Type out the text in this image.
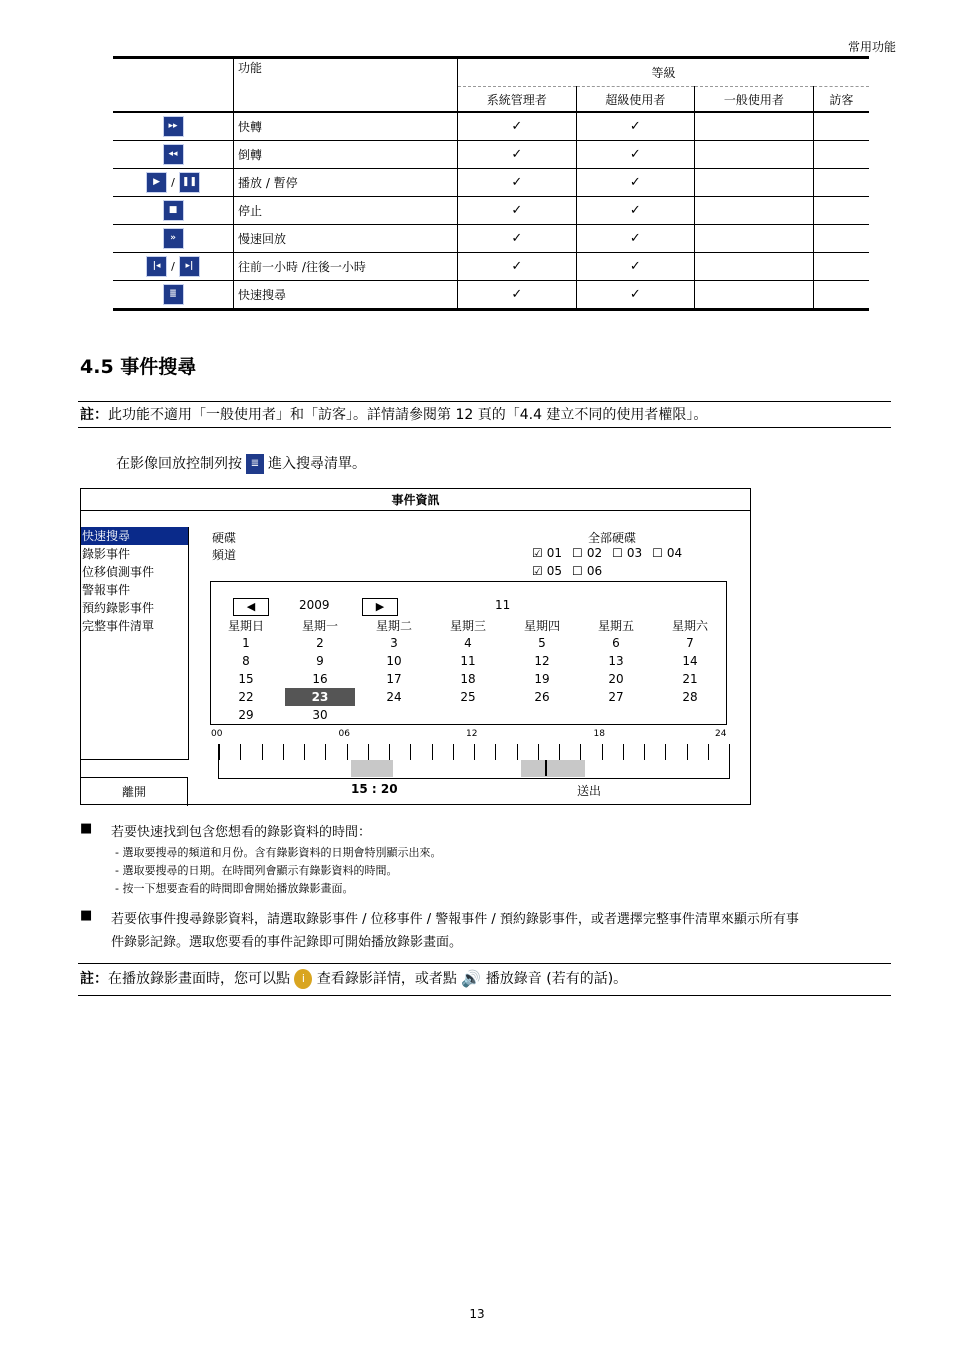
常用功能
	功能	等級			
		系統管理者	超級使用者	一般使用者	訪客
▸▸	快轉	✓	✓		
◂◂	倒轉	✓	✓		
▶ / ❚❚	播放 / 暫停	✓	✓		
■	停止	✓	✓		
»	慢速回放	✓	✓		
|◂ / ▸|	往前一小時 /往後一小時	✓	✓		
≣	快速搜尋	✓	✓		
4.5 事件搜尋
註：此功能不適用「一般使用者」和「訪客」。詳情請參閱第 12 頁的「4.4 建立不同的使用者權限」。
在影像回放控制列按 ≣ 進入搜尋清單。
事件資訊
快速搜尋
錄影事件
位移偵測事件
警報事件
預約錄影事件
完整事件清單
離開
硬碟
頻道
全部硬碟
☑ 01 ☐ 02 ☐ 03 ☐ 04
☑ 05 ☐ 06
◀	2009	▶	11
星期日	星期一	星期二	星期三	星期四	星期五	星期六
1	2	3	4	5	6	7
8	9	10	11	12	13	14
15	16	17	18	19	20	21
22	23	24	25	26	27	28
29	30
00	06	12	18	24
15 : 20	送出
■ 若要快速找到包含您想看的錄影資料的時間：
- 選取要搜尋的頻道和月份。含有錄影資料的日期會特別顯示出來。
- 選取要搜尋的日期。在時間列會顯示有錄影資料的時間。
- 按一下想要查看的時間即會開始播放錄影畫面。
■ 若要依事件搜尋錄影資料，請選取錄影事件 / 位移事件 / 警報事件 / 預約錄影事件，或者選擇完整事件清單來顯示所有事
件錄影記錄。選取您要看的事件記錄即可開始播放錄影畫面。
註：在播放錄影畫面時，您可以點 i 查看錄影詳情，或者點 🔊 播放錄音 (若有的話)。
13
